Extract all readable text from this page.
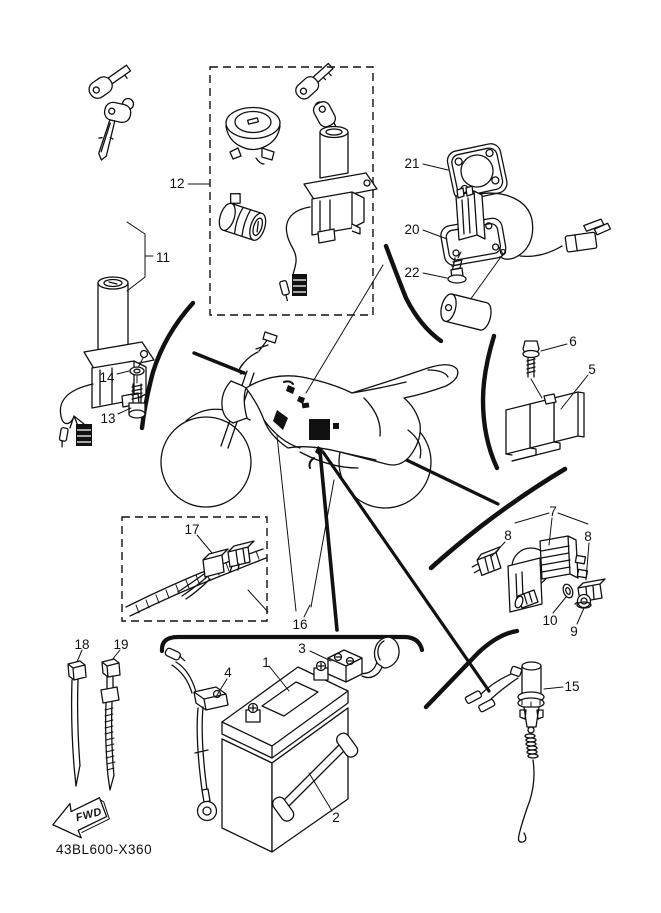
FWD
43BL600-X360
1
2
3
4
5
6
7
8	8
9
10
11
12
13
14
15
16
17
18 19
20
21
22
